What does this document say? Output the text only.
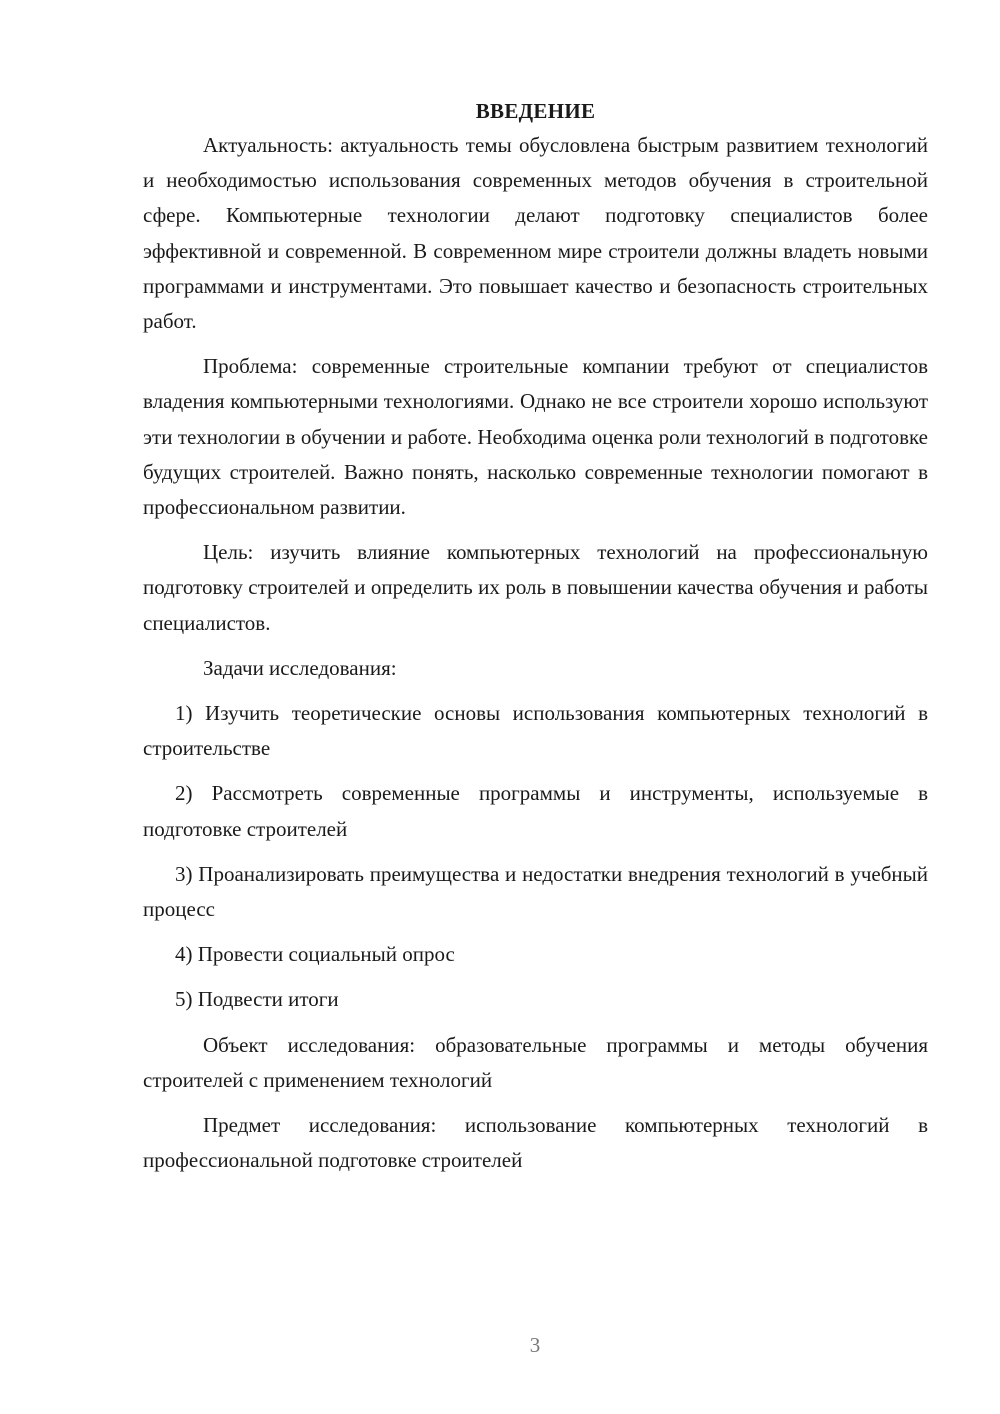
ВВЕДЕНИЕ

Актуальность: актуальность темы обусловлена быстрым развитием технологий и необходимостью использования современных методов обучения в строительной сфере. Компьютерные технологии делают подготовку специалистов более эффективной и современной. В современном мире строители должны владеть новыми программами и инструментами. Это повышает качество и безопасность строительных работ.

Проблема: современные строительные компании требуют от специалистов владения компьютерными технологиями. Однако не все строители хорошо используют эти технологии в обучении и работе. Необходима оценка роли технологий в подготовке будущих строителей. Важно понять, насколько современные технологии помогают в профессиональном развитии.

Цель: изучить влияние компьютерных технологий на профессиональную подготовку строителей и определить их роль в повышении качества обучения и работы специалистов.

Задачи исследования:

1) Изучить теоретические основы использования компьютерных технологий в строительстве

2) Рассмотреть современные программы и инструменты, используемые в подготовке строителей

3) Проанализировать преимущества и недостатки внедрения технологий в учебный процесс

4) Провести социальный опрос

5) Подвести итоги

Объект исследования: образовательные программы и методы обучения строителей с применением технологий

Предмет исследования: использование компьютерных технологий в профессиональной подготовке строителей

3
